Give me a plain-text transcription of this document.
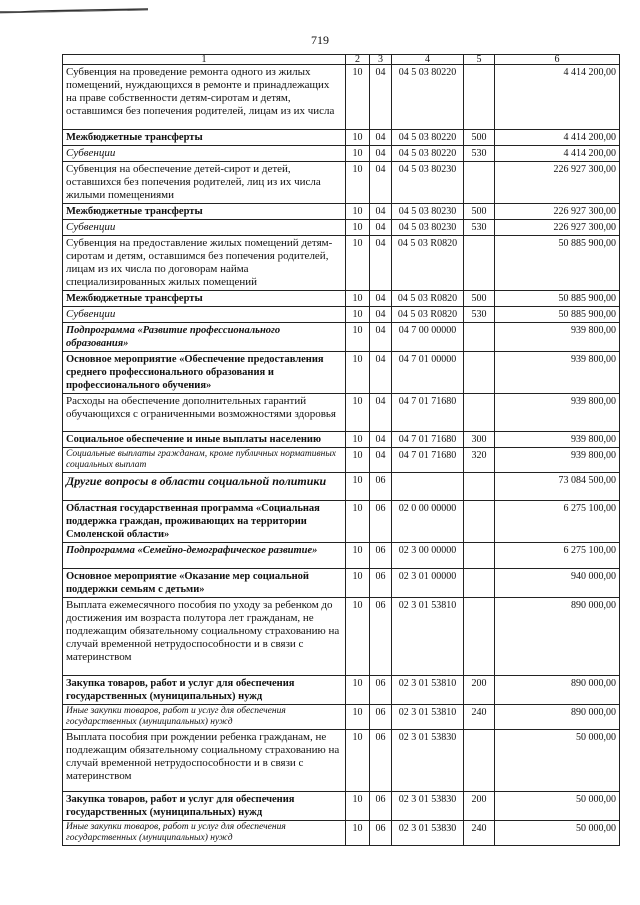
719
1	2	3	4	5	6
Субвенция на проведение ремонта одного из жилых помещений, нуждающихся в ремонте и принадлежащих на праве собственности детям-сиротам и детям, оставшимся без попечения родителей, лицам из их числа	10	04	04 5 03 80220		4 414 200,00
Межбюджетные трансферты	10	04	04 5 03 80220	500	4 414 200,00
Субвенции	10	04	04 5 03 80220	530	4 414 200,00
Субвенция на обеспечение детей-сирот и детей, оставшихся без попечения родителей, лиц из их числа жилыми помещениями	10	04	04 5 03 80230		226 927 300,00
Межбюджетные трансферты	10	04	04 5 03 80230	500	226 927 300,00
Субвенции	10	04	04 5 03 80230	530	226 927 300,00
Субвенция на предоставление жилых помещений детям-сиротам и детям, оставшимся без попечения родителей, лицам из их числа по договорам найма специализированных жилых помещений	10	04	04 5 03 R0820		50 885 900,00
Межбюджетные трансферты	10	04	04 5 03 R0820	500	50 885 900,00
Субвенции	10	04	04 5 03 R0820	530	50 885 900,00
Подпрограмма «Развитие профессионального образования»	10	04	04 7 00 00000		939 800,00
Основное мероприятие «Обеспечение предоставления среднего профессионального образования и профессионального обучения»	10	04	04 7 01 00000		939 800,00
Расходы на обеспечение дополнительных гарантий обучающихся с ограниченными возможностями здоровья	10	04	04 7 01 71680		939 800,00
Социальное обеспечение и иные выплаты населению	10	04	04 7 01 71680	300	939 800,00
Социальные выплаты гражданам, кроме публичных нормативных социальных выплат	10	04	04 7 01 71680	320	939 800,00
Другие вопросы в области социальной политики	10	06			73 084 500,00
Областная государственная программа «Социальная поддержка граждан, проживающих на территории Смоленской области»	10	06	02 0 00 00000		6 275 100,00
Подпрограмма «Семейно-демографическое развитие»	10	06	02 3 00 00000		6 275 100,00
Основное мероприятие «Оказание мер социальной поддержки семьям с детьми»	10	06	02 3 01 00000		940 000,00
Выплата ежемесячного пособия по уходу за ребенком до достижения им возраста полутора лет гражданам, не подлежащим обязательному социальному страхованию на случай временной нетрудоспособности и в связи с материнством	10	06	02 3 01 53810		890 000,00
Закупка товаров, работ и услуг для обеспечения государственных (муниципальных) нужд	10	06	02 3 01 53810	200	890 000,00
Иные закупки товаров, работ и услуг для обеспечения государственных (муниципальных) нужд	10	06	02 3 01 53810	240	890 000,00
Выплата пособия при рождении ребенка гражданам, не подлежащим обязательному социальному страхованию на случай временной нетрудоспособности и в связи с материнством	10	06	02 3 01 53830		50 000,00
Закупка товаров, работ и услуг для обеспечения государственных (муниципальных) нужд	10	06	02 3 01 53830	200	50 000,00
Иные закупки товаров, работ и услуг для обеспечения государственных (муниципальных) нужд	10	06	02 3 01 53830	240	50 000,00
